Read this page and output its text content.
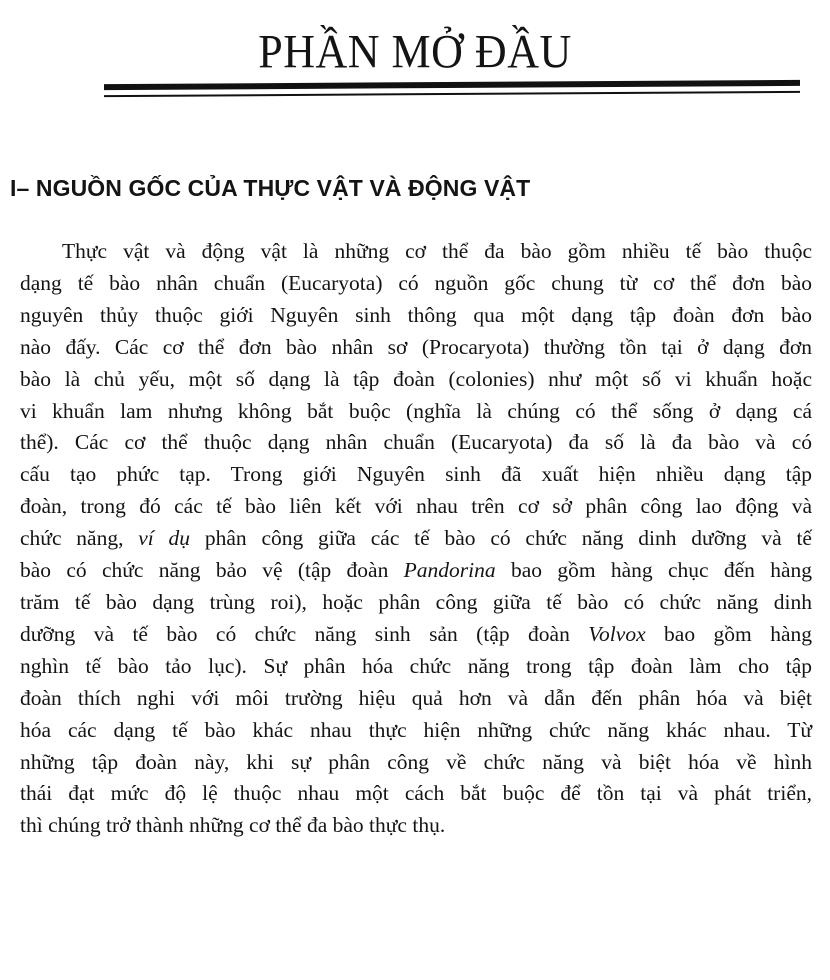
PHẦN MỞ ĐẦU
I– NGUỒN GỐC CỦA THỰC VẬT VÀ ĐỘNG VẬT
Thực vật và động vật là những cơ thể đa bào gồm nhiều tế bào thuộc
dạng tế bào nhân chuẩn (Eucaryota) có nguồn gốc chung từ cơ thể đơn bào
nguyên thủy thuộc giới Nguyên sinh thông qua một dạng tập đoàn đơn bào
nào đấy. Các cơ thể đơn bào nhân sơ (Procaryota) thường tồn tại ở dạng đơn
bào là chủ yếu, một số dạng là tập đoàn (colonies) như một số vi khuẩn hoặc
vi khuẩn lam nhưng không bắt buộc (nghĩa là chúng có thể sống ở dạng cá
thể). Các cơ thể thuộc dạng nhân chuẩn (Eucaryota) đa số là đa bào và có
cấu tạo phức tạp. Trong giới Nguyên sinh đã xuất hiện nhiều dạng tập
đoàn, trong đó các tế bào liên kết với nhau trên cơ sở phân công lao động và
chức năng, ví dụ phân công giữa các tế bào có chức năng dinh dưỡng và tế
bào có chức năng bảo vệ (tập đoàn Pandorina bao gồm hàng chục đến hàng
trăm tế bào dạng trùng roi), hoặc phân công giữa tế bào có chức năng dinh
dưỡng và tế bào có chức năng sinh sản (tập đoàn Volvox bao gồm hàng
nghìn tế bào tảo lục). Sự phân hóa chức năng trong tập đoàn làm cho tập
đoàn thích nghi với môi trường hiệu quả hơn và dẫn đến phân hóa và biệt
hóa các dạng tế bào khác nhau thực hiện những chức năng khác nhau. Từ
những tập đoàn này, khi sự phân công về chức năng và biệt hóa về hình
thái đạt mức độ lệ thuộc nhau một cách bắt buộc để tồn tại và phát triển,
thì chúng trở thành những cơ thể đa bào thực thụ.
